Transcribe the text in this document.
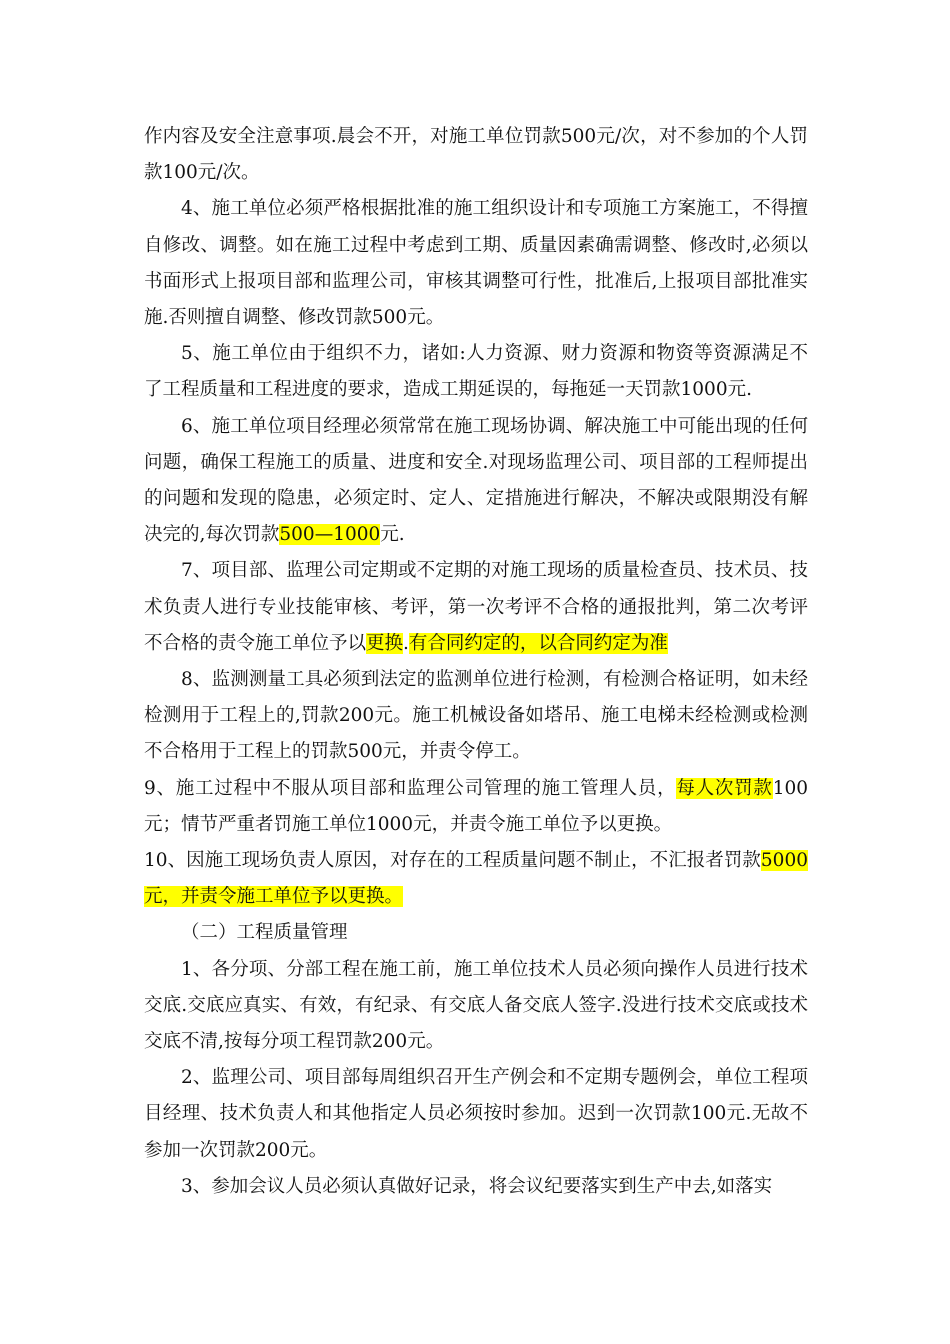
作内容及安全注意事项.晨会不开，对施工单位罚款500元/次，对不参加的个人罚款100元/次。

4、施工单位必须严格根据批准的施工组织设计和专项施工方案施工，不得擅自修改、调整。如在施工过程中考虑到工期、质量因素确需调整、修改时,必须以书面形式上报项目部和监理公司，审核其调整可行性，批准后,上报项目部批准实施.否则擅自调整、修改罚款500元。

5、施工单位由于组织不力，诸如:人力资源、财力资源和物资等资源满足不了工程质量和工程进度的要求，造成工期延误的，每拖延一天罚款1000元.

6、施工单位项目经理必须常常在施工现场协调、解决施工中可能出现的任何问题，确保工程施工的质量、进度和安全.对现场监理公司、项目部的工程师提出的问题和发现的隐患，必须定时、定人、定措施进行解决，不解决或限期没有解决完的,每次罚款500—1000元.

7、项目部、监理公司定期或不定期的对施工现场的质量检查员、技术员、技术负责人进行专业技能审核、考评，第一次考评不合格的通报批判，第二次考评不合格的责令施工单位予以更换.有合同约定的，以合同约定为准

8、监测测量工具必须到法定的监测单位进行检测，有检测合格证明，如未经检测用于工程上的,罚款200元。施工机械设备如塔吊、施工电梯未经检测或检测不合格用于工程上的罚款500元，并责令停工。

9、施工过程中不服从项目部和监理公司管理的施工管理人员，每人次罚款100元；情节严重者罚施工单位1000元，并责令施工单位予以更换。

10、因施工现场负责人原因，对存在的工程质量问题不制止，不汇报者罚款5000元，并责令施工单位予以更换。

（二）工程质量管理

1、各分项、分部工程在施工前，施工单位技术人员必须向操作人员进行技术交底.交底应真实、有效，有纪录、有交底人备交底人签字.没进行技术交底或技术交底不清,按每分项工程罚款200元。

2、监理公司、项目部每周组织召开生产例会和不定期专题例会，单位工程项目经理、技术负责人和其他指定人员必须按时参加。迟到一次罚款100元.无故不参加一次罚款200元。

3、参加会议人员必须认真做好记录，将会议纪要落实到生产中去,如落实
